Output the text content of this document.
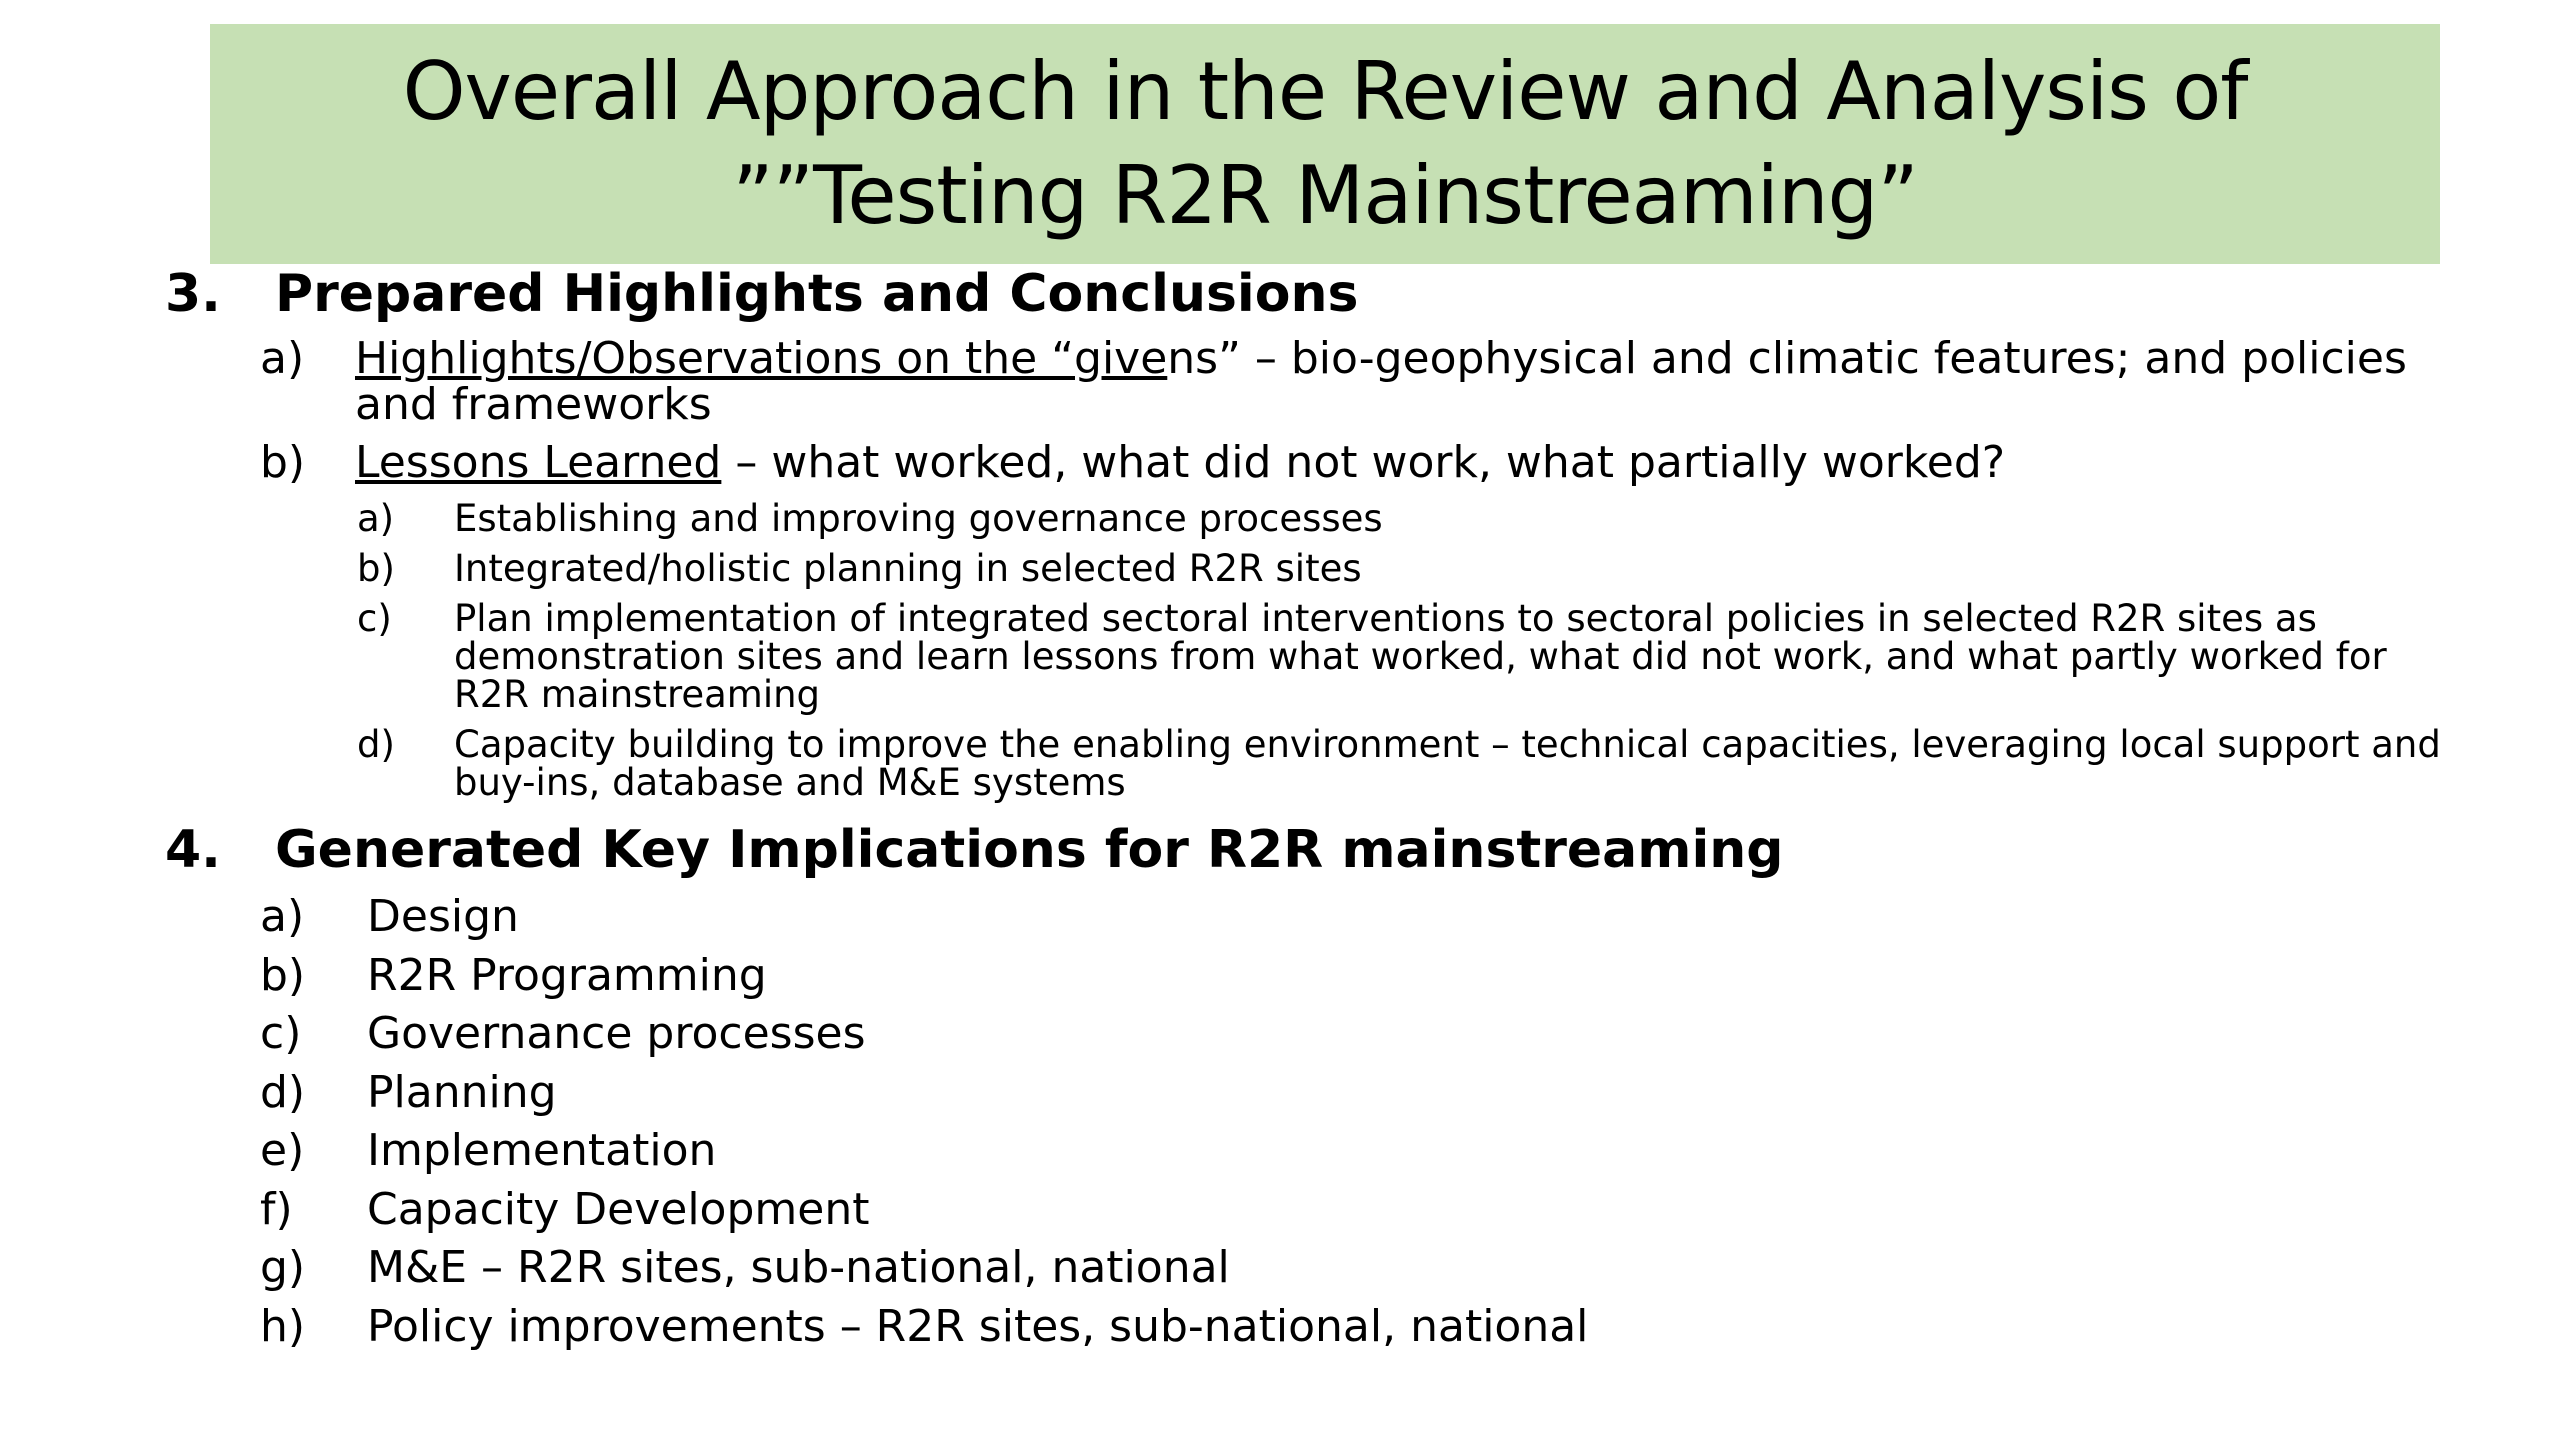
Overall Approach in the Review and Analysis of
””Testing R2R Mainstreaming”
3.	Prepared Highlights and Conclusions
a)	Highlights/Observations on the “givens” – bio-geophysical and climatic features; and policies and frameworks
b)	Lessons Learned – what worked, what did not work, what partially worked?
a)	Establishing and improving governance processes
b)	Integrated/holistic planning in selected R2R sites
c)	Plan implementation of integrated sectoral interventions to sectoral policies in selected R2R sites as demonstration sites and learn lessons from what worked, what did not work, and what partly worked for R2R mainstreaming
d)	Capacity building to improve the enabling environment – technical capacities, leveraging local support and buy-ins, database and M&E systems
4.	Generated Key Implications for R2R mainstreaming
a)	Design
b)	R2R Programming
c)	Governance processes
d)	Planning
e)	Implementation
f)	Capacity Development
g)	M&E – R2R sites, sub-national, national
h)	Policy improvements – R2R sites, sub-national, national
